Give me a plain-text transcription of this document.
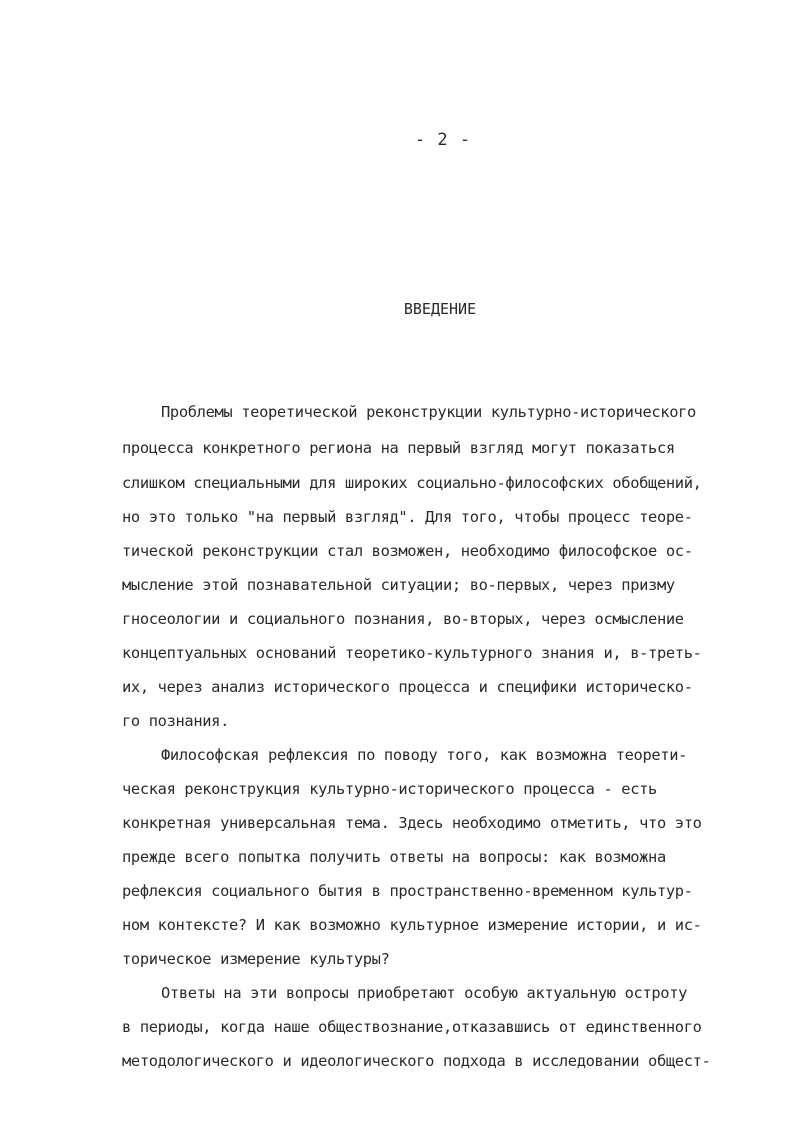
- 2 -
ВВЕДЕНИЕ
Проблемы теоретической реконструкции культурно-исторического
процесса конкретного региона на первый взгляд могут показаться
слишком специальными для широких социально-философских обобщений,
но это только "на первый взгляд". Для того, чтобы процесс теоре-
тической реконструкции стал возможен, необходимо философское ос-
мысление этой познавательной ситуации; во-первых, через призму
гносеологии и социального познания, во-вторых, через осмысление
концептуальных оснований теоретико-культурного знания и, в-треть-
их, через анализ исторического процесса и специфики историческо-
го познания.
Философская рефлексия по поводу того, как возможна теорети-
ческая реконструкция культурно-исторического процесса - есть
конкретная универсальная тема. Здесь необходимо отметить, что это
прежде всего попытка получить ответы на вопросы: как возможна
рефлексия социального бытия в пространственно-временном культур-
ном контексте? И как возможно культурное измерение истории, и ис-
торическое измерение культуры?
Ответы на эти вопросы приобретают особую актуальную остроту
в периоды, когда наше обществознание,отказавшись от единственного
методологического и идеологического подхода в исследовании общест-
